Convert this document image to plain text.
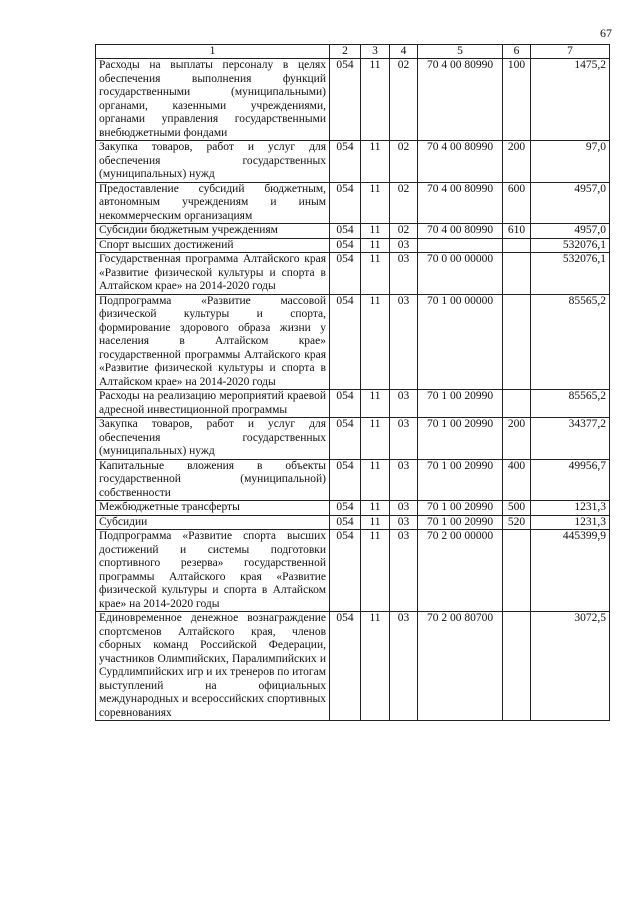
67
1	2	3	4	5	6	7
Расходы на выплаты персоналу в целях обеспечения выполнения функций государственными (муниципальными) органами, казенными учреждениями, органами управления государственными внебюджетными фондами	054	11	02	70 4 00 80990	100	1475,2
Закупка товаров, работ и услуг для обеспечения государственных (муниципальных) нужд	054	11	02	70 4 00 80990	200	97,0
Предоставление субсидий бюджетным, автономным учреждениям и иным некоммерческим организациям	054	11	02	70 4 00 80990	600	4957,0
Субсидии бюджетным учреждениям	054	11	02	70 4 00 80990	610	4957,0
Спорт высших достижений	054	11	03			532076,1
Государственная программа Алтайского края «Развитие физической культуры и спорта в Алтайском крае» на 2014-2020 годы	054	11	03	70 0 00 00000		532076,1
Подпрограмма «Развитие массовой физической культуры и спорта, формирование здорового образа жизни у населения в Алтайском крае» государственной программы Алтайского края «Развитие физической культуры и спорта в Алтайском крае» на 2014-2020 годы	054	11	03	70 1 00 00000		85565,2
Расходы на реализацию мероприятий краевой адресной инвестиционной программы	054	11	03	70 1 00 20990		85565,2
Закупка товаров, работ и услуг для обеспечения государственных (муниципальных) нужд	054	11	03	70 1 00 20990	200	34377,2
Капитальные вложения в объекты государственной (муниципальной) собственности	054	11	03	70 1 00 20990	400	49956,7
Межбюджетные трансферты	054	11	03	70 1 00 20990	500	1231,3
Субсидии	054	11	03	70 1 00 20990	520	1231,3
Подпрограмма «Развитие спорта высших достижений и системы подготовки спортивного резерва» государственной программы Алтайского края «Развитие физической культуры и спорта в Алтайском крае» на 2014-2020 годы	054	11	03	70 2 00 00000		445399,9
Единовременное денежное вознаграждение спортсменов Алтайского края, членов сборных команд Российской Федерации, участников Олимпийских, Паралимпийских и Сурдлимпийских игр и их тренеров по итогам выступлений на официальных международных и всероссийских спортивных соревнованиях	054	11	03	70 2 00 80700		3072,5
